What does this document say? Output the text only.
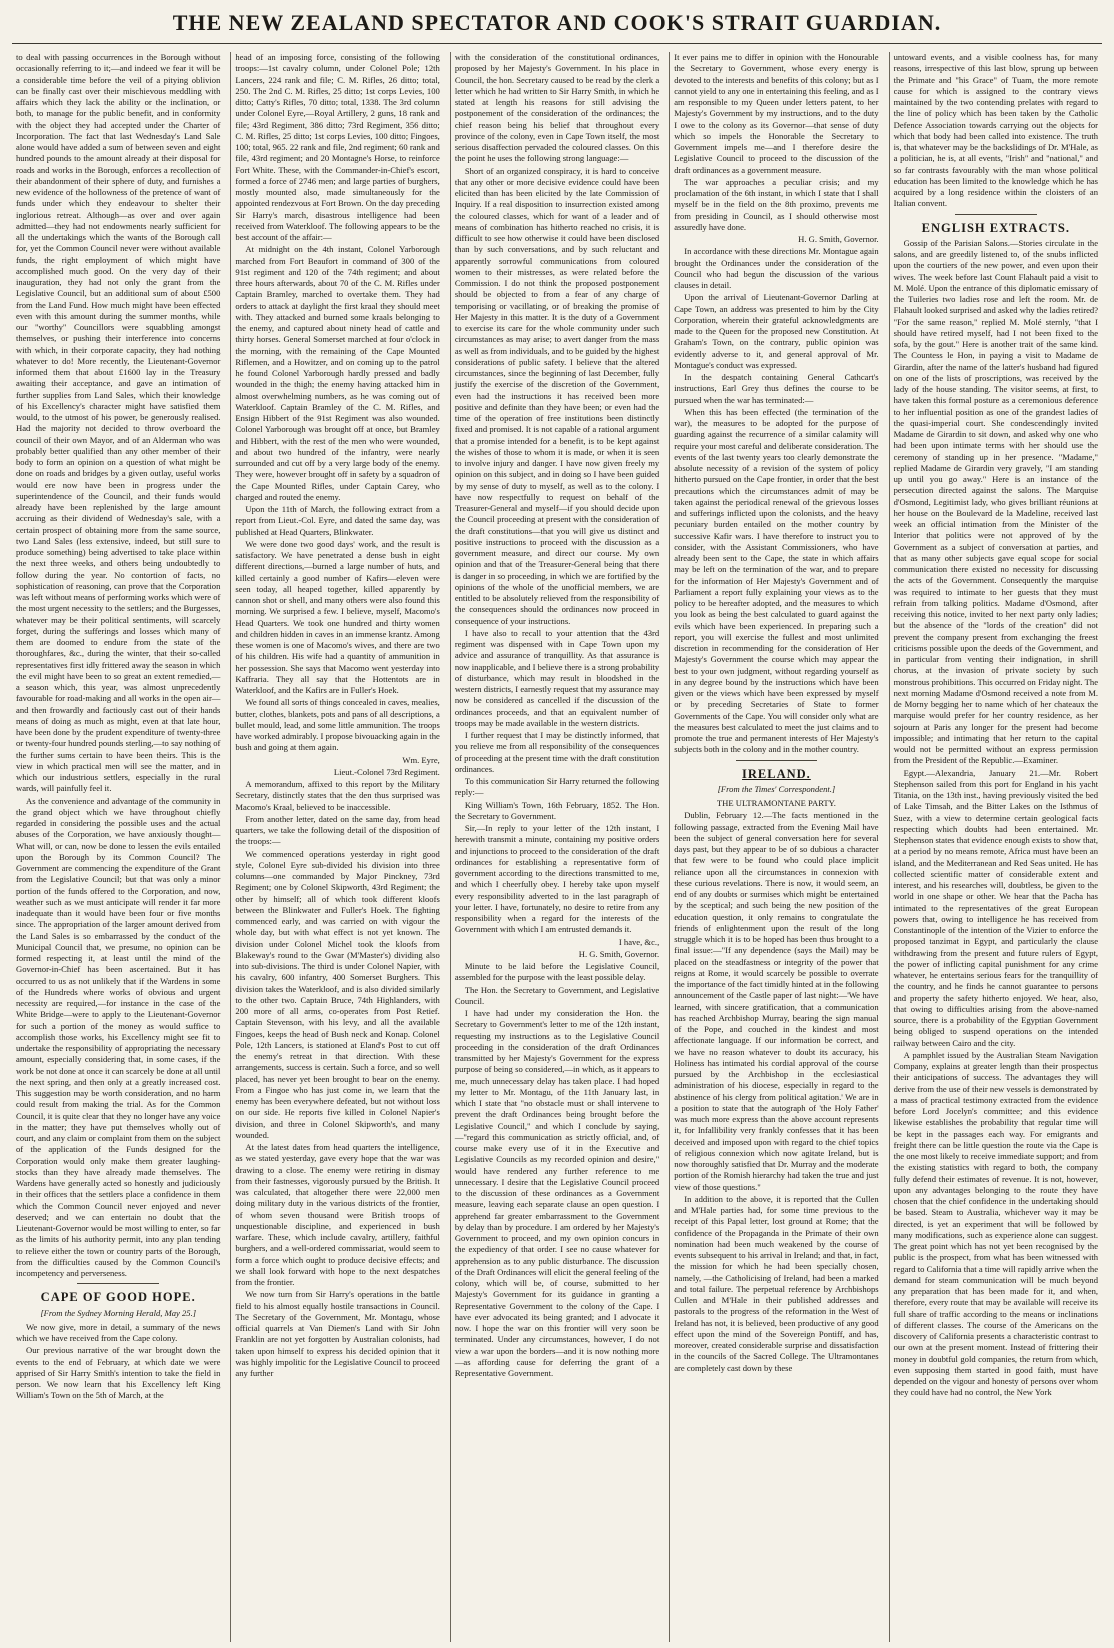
THE NEW ZEALAND SPECTATOR AND COOK'S STRAIT GUARDIAN.

to deal with passing occurrences in the Borough without occasionally referring to it;—and indeed we fear it will be a considerable time before the veil of a pitying oblivion can be finally cast over their mischievous meddling with affairs which they lack the ability or the inclination, or both, to manage for the public benefit, and in conformity with the object they had accepted under the Charter of Incorporation. The fact that last Wednesday's Land Sale alone would have added a sum of between seven and eight hundred pounds to the amount already at their disposal for roads and works in the Borough, enforces a recollection of their abandonment of their sphere of duty, and furnishes a new evidence of the hollowness of the pretence of want of funds under which they endeavour to shelter their inglorious retreat. Although—as over and over again admitted—they had not endowments nearly sufficient for all the undertakings which the wants of the Borough call for, yet the Common Council never were without available funds, the right employment of which might have accomplished much good. On the very day of their inauguration, they had not only the grant from the Legislative Council, but an additional sum of about £500 from the Land Fund. How much might have been effected even with this amount during the summer months, while our "worthy" Councillors were squabbling amongst themselves, or pushing their interference into concerns with which, in their corporate capacity, they had nothing whatever to do! More recently, the Lieutenant-Governor informed them that about £1600 lay in the Treasury awaiting their acceptance, and gave an intimation of further supplies from Land Sales, which their knowledge of his Excellency's character might have satisfied them would, to the utmost of his power, be generously realised. Had the majority not decided to throw overboard the council of their own Mayor, and of an Alderman who was probably better qualified than any other member of their body to form an opinion on a question of what might be done on roads and bridges by a given outlay, useful works would ere now have been in progress under the superintendence of the Council, and their funds would already have been replenished by the large amount accruing as their dividend of Wednesday's sale, with a certain prospect of obtaining more from the same source, two Land Sales (less extensive, indeed, but still sure to produce something) being advertised to take place within the next three weeks, and others being undoubtedly to follow during the year. No contortion of facts, no sophistication of reasoning, can prove that the Corporation was left without means of performing works which were of the most urgent necessity to the settlers; and the Burgesses, whatever may be their political sentiments, will scarcely forget, during the sufferings and losses which many of them are doomed to endure from the state of the thoroughfares, &c., during the winter, that their so-called representatives first idly frittered away the season in which the evil might have been to so great an extent remedied,—a season which, this year, was almost unprecedently favourable for road-making and all works in the open air—and then frowardly and factiously cast out of their hands means of doing as much as might, even at that late hour, have been done by the prudent expenditure of twenty-three or twenty-four hundred pounds sterling,—to say nothing of the further sums certain to have been theirs. This is the view in which practical men will see the matter, and in which our industrious settlers, especially in the rural wards, will painfully feel it.

As the convenience and advantage of the community in the grand object which we have throughout chiefly regarded in considering the possible uses and the actual abuses of the Corporation, we have anxiously thought—What will, or can, now be done to lessen the evils entailed upon the Borough by its Common Council? The Government are commencing the expenditure of the Grant from the Legislative Council; but that was only a minor portion of the funds offered to the Corporation, and now, weather such as we must anticipate will render it far more inadequate than it would have been four or five months since. The appropriation of the larger amount derived from the Land Sales is so embarrassed by the conduct of the Municipal Council that, we presume, no opinion can be formed respecting it, at least until the mind of the Governor-in-Chief has been ascertained. But it has occurred to us as not unlikely that if the Wardens in some of the Hundreds where works of obvious and urgent necessity are required,—for instance in the case of the White Bridge—were to apply to the Lieutenant-Governor for such a portion of the money as would suffice to accomplish those works, his Excellency might see fit to undertake the responsibility of appropriating the necessary amount, especially considering that, in some cases, if the work be not done at once it can scarcely be done at all until the next spring, and then only at a greatly increased cost. This suggestion may be worth consideration, and no harm could result from making the trial. As for the Common Council, it is quite clear that they no longer have any voice in the matter; they have put themselves wholly out of court, and any claim or complaint from them on the subject of the application of the Funds designed for the Corporation would only make them greater laughing-stocks than they have already made themselves. The Wardens have generally acted so honestly and judiciously in their offices that the settlers place a confidence in them which the Common Council never enjoyed and never deserved; and we can entertain no doubt that the Lieutenant-Governor would be most willing to enter, so far as the limits of his authority permit, into any plan tending to relieve either the town or country parts of the Borough, from the difficulties caused by the Common Council's incompetency and perverseness.

CAPE OF GOOD HOPE.

[From the Sydney Morning Herald, May 25.]

We now give, more in detail, a summary of the news which we have received from the Cape colony.

Our previous narrative of the war brought down the events to the end of February, at which date we were apprised of Sir Harry Smith's intention to take the field in person. We now learn that his Excellency left King William's Town on the 5th of March, at the

head of an imposing force, consisting of the following troops:—1st cavalry column, under Colonel Pole; 12th Lancers, 224 rank and file; C. M. Rifles, 26 ditto; total, 250. The 2nd C. M. Rifles, 25 ditto; 1st corps Levies, 100 ditto; Catty's Rifles, 70 ditto; total, 1338. The 3rd column under Colonel Eyre,—Royal Artillery, 2 guns, 18 rank and file; 43rd Regiment, 386 ditto; 73rd Regiment, 356 ditto; C. M. Rifles, 25 ditto; 1st corps Levies, 100 ditto; Fingoes, 100; total, 965. 22 rank and file, 2nd regiment; 60 rank and file, 43rd regiment; and 20 Montagne's Horse, to reinforce Fort White. These, with the Commander-in-Chief's escort, formed a force of 2746 men; and large parties of burghers, mostly mounted also, made simultaneously for the appointed rendezvous at Fort Brown. On the day preceding Sir Harry's march, disastrous intelligence had been received from Waterkloof. The following appears to be the best account of the affair:—

At midnight on the 4th instant, Colonel Yarborough marched from Fort Beaufort in command of 300 of the 91st regiment and 120 of the 74th regiment; and about three hours afterwards, about 70 of the C. M. Rifles under Captain Bramley, marched to overtake them. They had orders to attack at daylight the first kraal they should meet with. They attacked and burned some kraals belonging to the enemy, and captured about ninety head of cattle and thirty horses. General Somerset marched at four o'clock in the morning, with the remaining of the Cape Mounted Riflemen, and a Howitzer, and on coming up to the patrol he found Colonel Yarborough hardly pressed and badly wounded in the thigh; the enemy having attacked him in almost overwhelming numbers, as he was coming out of Waterkloof. Captain Bramley of the C. M. Rifles, and Ensign Hibbert of the 91st Regiment was also wounded. Colonel Yarborough was brought off at once, but Bramley and Hibbert, with the rest of the men who were wounded, and about two hundred of the infantry, were nearly surrounded and cut off by a very large body of the enemy. They were, however brought off in safety by a squadron of the Cape Mounted Rifles, under Captain Carey, who charged and routed the enemy.

Upon the 11th of March, the following extract from a report from Lieut.-Col. Eyre, and dated the same day, was published at Head Quarters, Blinkwater.

We were done two good days' work, and the result is satisfactory. We have penetrated a dense bush in eight different directions,—burned a large number of huts, and killed certainly a good number of Kafirs—eleven were seen today, all heaped together, killed apparently by cannon shot or shell, and many others were also found this morning. We surprised a few. I believe, myself, Macomo's Head Quarters. We took one hundred and thirty women and children hidden in caves in an immense krantz. Among these women is one of Macomo's wives, and there are two of his children. His wife had a quantity of ammunition in her possession. She says that Macomo went yesterday into Kaffraria. They all say that the Hottentots are in Waterkloof, and the Kafirs are in Fuller's Hoek.

We found all sorts of things concealed in caves, mealies, butter, clothes, blankets, pots and pans of all descriptions, a bullet mould, lead, and some little ammunition. The troops have worked admirably. I propose bivouacking again in the bush and going at them again.

Wm. Eyre,

Lieut.-Colonel 73rd Regiment.

A memorandum, affixed to this report by the Military Secretary, distinctly states that the den thus surprised was Macomo's Kraal, believed to be inaccessible.

From another letter, dated on the same day, from head quarters, we take the following detail of the disposition of the troops:—

We commenced operations yesterday in right good style, Colonel Eyre sub-divided his division into three columns—one commanded by Major Pinckney, 73rd Regiment; one by Colonel Skipworth, 43rd Regiment; the other by himself; all of which took different kloofs between the Blinkwater and Fuller's Hoek. The fighting commenced early, and was carried on with vigour the whole day, but with what effect is not yet known. The division under Colonel Michel took the kloofs from Blakeway's round to the Gwar (M'Master's) dividing also into sub-divisions. The third is under Colonel Napier, with his cavalry, 600 infantry, 400 Somerset Burghers. This division takes the Waterkloof, and is also divided similarly to the other two. Captain Bruce, 74th Highlanders, with 200 more of all arms, co-operates from Post Retief. Captain Stevenson, with his levy, and all the available Fingoes, keeps the head of Bush neck and Konap. Colonel Pole, 12th Lancers, is stationed at Eland's Post to cut off the enemy's retreat in that direction. With these arrangements, success is certain. Such a force, and so well placed, has never yet been brought to bear on the enemy. From a Fingoe who has just come in, we learn that the enemy has been everywhere defeated, but not without loss on our side. He reports five killed in Colonel Napier's division, and three in Colonel Skipworth's, and many wounded.

At the latest dates from head quarters the intelligence, as we stated yesterday, gave every hope that the war was drawing to a close. The enemy were retiring in dismay from their fastnesses, vigorously pursued by the British. It was calculated, that altogether there were 22,000 men doing military duty in the various districts of the frontier, of whom seven thousand were British troops of unquestionable discipline, and experienced in bush warfare. These, which include cavalry, artillery, faithful burghers, and a well-ordered commissariat, would seem to form a force which ought to produce decisive effects; and we shall look forward with hope to the next despatches from the frontier.

We now turn from Sir Harry's operations in the battle field to his almost equally hostile transactions in Council. The Secretary of the Government, Mr. Montagu, whose official quarrels at Van Diemen's Land with Sir John Franklin are not yet forgotten by Australian colonists, had taken upon himself to express his decided opinion that it was highly impolitic for the Legislative Council to proceed any further

with the consideration of the constitutional ordinances, proposed by her Majesty's Government. In his place in Council, the hon. Secretary caused to be read by the clerk a letter which he had written to Sir Harry Smith, in which he stated at length his reasons for still advising the postponement of the consideration of the ordinances; the chief reason being his belief that throughout every province of the colony, even in Cape Town itself, the most serious disaffection pervaded the coloured classes. On this the point he uses the following strong language:—

Short of an organized conspiracy, it is hard to conceive that any other or more decisive evidence could have been elicited than has been elicited by the late Commission of Inquiry. If a real disposition to insurrection existed among the coloured classes, which for want of a leader and of means of combination has hitherto reached no crisis, it is difficult to see how otherwise it could have been disclosed than by such conversations, and by such reluctant and apparently sorrowful communications from coloured women to their mistresses, as were related before the Commission. I do not think the proposed postponement should be objected to from a fear of any charge of temporising or vacillating, or of breaking the promise of Her Majesty in this matter. It is the duty of a Government to exercise its care for the whole community under such circumstances as may arise; to avert danger from the mass as well as from individuals, and to be guided by the highest considerations of public safety. I believe that the altered circumstances, since the beginning of last December, fully justify the exercise of the discretion of the Government, even had the instructions it has received been more positive and definite than they have been; or even had the time of the operation of free institutions been distinctly fixed and promised. It is not capable of a rational argument that a promise intended for a benefit, is to be kept against the wishes of those to whom it is made, or when it is seen to involve injury and danger. I have now given freely my opinion on this subject, and in doing so I have been guided by my sense of duty to myself, as well as to the colony. I have now respectfully to request on behalf of the Treasurer-General and myself—if you should decide upon the Council proceeding at present with the consideration of the draft constitutions—that you will give us distinct and positive instructions to proceed with the discussion as a government measure, and direct our course. My own opinion and that of the Treasurer-General being that there is danger in so proceeding, in which we are fortified by the opinions of the whole of the unofficial members, we are entitled to be absolutely relieved from the responsibility of the consequences should the ordinances now proceed in consequence of your instructions.

I have also to recall to your attention that the 43rd regiment was dispensed with in Cape Town upon my advice and assurance of tranquillity. As that assurance is now inapplicable, and I believe there is a strong probability of disturbance, which may result in bloodshed in the western districts, I earnestly request that my assurance may now be considered as cancelled if the discussion of the ordinances proceeds, and that an equivalent number of troops may be made available in the western districts.

I further request that I may be distinctly informed, that you relieve me from all responsibility of the consequences of proceeding at the present time with the draft constitution ordinances.

To this communication Sir Harry returned the following reply:—

King William's Town, 16th February, 1852. The Hon. the Secretary to Government.

Sir,—In reply to your letter of the 12th instant, I herewith transmit a minute, containing my positive orders and injunctions to proceed to the consideration of the draft ordinances for establishing a representative form of government according to the directions transmitted to me, and which I cheerfully obey. I hereby take upon myself every responsibility adverted to in the last paragraph of your letter. I have, fortunately, no desire to retire from any responsibility when a regard for the interests of the Government with which I am entrusted demands it.

I have, &c.,

H. G. Smith, Governor.

Minute to be laid before the Legislative Council, assembled for the purpose with the least possible delay.

The Hon. the Secretary to Government, and Legislative Council.

I have had under my consideration the Hon. the Secretary to Government's letter to me of the 12th instant, requesting my instructions as to the Legislative Council proceeding in the consideration of the draft Ordinances transmitted by her Majesty's Government for the express purpose of being so considered,—in which, as it appears to me, much unnecessary delay has taken place. I had hoped my letter to Mr. Montagu, of the 11th January last, in which I state that "no obstacle must or shall intervene to prevent the draft Ordinances being brought before the Legislative Council," and which I conclude by saying,—"regard this communication as strictly official, and, of course make every use of it in the Executive and Legislative Councils as my recorded opinion and desire," would have rendered any further reference to me unnecessary. I desire that the Legislative Council proceed to the discussion of these ordinances as a Government measure, leaving each separate clause an open question. I apprehend far greater embarrassment to the Government by delay than by procedure. I am ordered by her Majesty's Government to proceed, and my own opinion concurs in the expediency of that order. I see no cause whatever for apprehension as to any public disturbance. The discussion of the Draft Ordinances will elicit the general feeling of the colony, which will be, of course, submitted to her Majesty's Government for its guidance in granting a Representative Government to the colony of the Cape. I have ever advocated its being granted; and I advocate it now. I hope the war on this frontier will very soon be terminated. Under any circumstances, however, I do not view a war upon the borders—and it is now nothing more—as affording cause for deferring the grant of a Representative Government.

It ever pains me to differ in opinion with the Honourable the Secretary to Government, whose every energy is devoted to the interests and benefits of this colony; but as I cannot yield to any one in entertaining this feeling, and as I am responsible to my Queen under letters patent, to her Majesty's Government by my instructions, and to the duty I owe to the colony as its Governor—that sense of duty which so impels the Honorable the Secretary to Government impels me—and I therefore desire the Legislative Council to proceed to the discussion of the draft ordinances as a government measure.

The war approaches a peculiar crisis; and my proclamation of the 6th instant, in which I state that I shall myself be in the field on the 8th proximo, prevents me from presiding in Council, as I should otherwise most assuredly have done.

H. G. Smith, Governor.

In accordance with these directions Mr. Montague again brought the Ordinances under the consideration of the Council who had begun the discussion of the various clauses in detail.

Upon the arrival of Lieutenant-Governor Darling at Cape Town, an address was presented to him by the City Corporation, wherein their grateful acknowledgments are made to the Queen for the proposed new Constitution. At Graham's Town, on the contrary, public opinion was evidently adverse to it, and general approval of Mr. Montague's conduct was expressed.

In the despatch containing General Cathcart's instructions, Earl Grey thus defines the course to be pursued when the war has terminated:—

When this has been effected (the termination of the war), the measures to be adopted for the purpose of guarding against the recurrence of a similar calamity will require your most careful and deliberate consideration. The events of the last twenty years too clearly demonstrate the absolute necessity of a revision of the system of policy hitherto pursued on the Cape frontier, in order that the best precautions which the circumstances admit of may be taken against the periodical renewal of the grievous losses and sufferings inflicted upon the colonists, and the heavy pecuniary burden entailed on the mother country by successive Kafir wars. I have therefore to instruct you to consider, with the Assistant Commissioners, who have already been sent to the Cape, the state in which affairs may be left on the termination of the war, and to prepare for the information of Her Majesty's Government and of Parliament a report fully explaining your views as to the policy to be hereafter adopted, and the measures to which you look as being the best calculated to guard against the evils which have been experienced. In preparing such a report, you will exercise the fullest and most unlimited discretion in recommending for the consideration of Her Majesty's Government the course which may appear the best to your own judgment, without regarding yourself as in any degree bound by the instructions which have been given or the views which have been expressed by myself or by preceding Secretaries of State to former Governments of the Cape. You will consider only what are the measures best calculated to meet the just claims and to promote the true and permanent interests of Her Majesty's subjects both in the colony and in the mother country.

IRELAND.

[From the Times' Correspondent.]

THE ULTRAMONTANE PARTY.

Dublin, February 12.—The facts mentioned in the following passage, extracted from the Evening Mail have been the subject of general conversation here for several days past, but they appear to be of so dubious a character that few were to be found who could place implicit reliance upon all the circumstances in connexion with these curious revelations. There is now, it would seem, an end of any doubts or surmises which might be entertained by the sceptical; and such being the new position of the education question, it only remains to congratulate the friends of enlightenment upon the result of the long struggle which it is to be hoped has been thus brought to a final issue:—"If any dependence (says the Mail) may be placed on the steadfastness or integrity of the power that reigns at Rome, it would scarcely be possible to overrate the importance of the fact timidly hinted at in the following announcement of the Castle paper of last night:—'We have learned, with sincere gratification, that a communication has reached Archbishop Murray, bearing the sign manual of the Pope, and couched in the kindest and most affectionate language. If our information be correct, and we have no reason whatever to doubt its accuracy, his Holiness has intimated his cordial approval of the course pursued by the Archbishop in the ecclesiastical administration of his diocese, especially in regard to the abstinence of his clergy from political agitation.' We are in a position to state that the autograph of 'the Holy Father' was much more express than the above account represents it, for Infallibility very frankly confesses that it has been deceived and imposed upon with regard to the chief topics of religious connexion which now agitate Ireland, but is now thoroughly satisfied that Dr. Murray and the moderate portion of the Romish hierarchy had taken the true and just view of those questions."

In addition to the above, it is reported that the Cullen and M'Hale parties had, for some time previous to the receipt of this Papal letter, lost ground at Rome; that the confidence of the Propaganda in the Primate of their own nomination had been much weakened by the course of events subsequent to his arrival in Ireland; and that, in fact, the mission for which he had been specially chosen, namely, —the Catholicising of Ireland, had been a marked and total failure. The perpetual reference by Archbishops Cullen and M'Hale in their published addresses and pastorals to the progress of the reformation in the West of Ireland has not, it is believed, been productive of any good effect upon the mind of the Sovereign Pontiff, and has, moreover, created considerable surprise and dissatisfaction in the councils of the Sacred College. The Ultramontanes are completely cast down by these

untoward events, and a visible coolness has, for many reasons, irrespective of this last blow, sprung up between the Primate and "his Grace" of Tuam, the more remote cause for which is assigned to the contrary views maintained by the two contending prelates with regard to the line of policy which has been taken by the Catholic Defence Association towards carrying out the objects for which that body had been called into existence. The truth is, that whatever may be the backslidings of Dr. M'Hale, as a politician, he is, at all events, "Irish" and "national," and so far contrasts favourably with the man whose political education has been limited to the knowledge which he has acquired by a long residence within the cloisters of an Italian convent.

ENGLISH EXTRACTS.

Gossip of the Parisian Salons.—Stories circulate in the salons, and are greedily listened to, of the snubs inflicted upon the courtiers of the new power, and even upon their wives. The week before last Count Flahault paid a visit to M. Molé. Upon the entrance of this diplomatic emissary of the Tuileries two ladies rose and left the room. Mr. de Flahault looked surprised and asked why the ladies retired? "For the same reason," replied M. Molé sternly, "that I should have retired myself, had I not been fixed to the sofa, by the gout." Here is another trait of the same kind. The Countess le Hon, in paying a visit to Madame de Girardin, after the name of the latter's husband had figured on one of the lists of proscriptions, was received by the lady of the house standing. The visitor seems, at first, to have taken this formal posture as a ceremonious deference to her influential position as one of the grandest ladies of the quasi-imperial court. She condescendingly invited Madame de Girardin to sit down, and asked why one who had been upon intimate terms with her should use the ceremony of standing up in her presence. "Madame," replied Madame de Girardin very gravely, "I am standing up until you go away." Here is an instance of the persecution directed against the salons. The Marquise d'Osmond, Legitimist lady, who gives brilliant réunions at her house on the Boulevard de la Madeline, received last week an official intimation from the Minister of the Interior that politics were not approved of by the Government as a subject of conversation at parties, and that as many other subjects gave equal scope for social communication there existed no necessity for discussing the acts of the Government. Consequently the marquise was required to intimate to her guests that they must refrain from talking politics. Madame d'Osmond, after receiving this notice, invited to her next party only ladies; but the absence of the "lords of the creation" did not prevent the company present from exchanging the freest criticisms possible upon the deeds of the Government, and in particular from venting their indignation, in shrill chorus, at the invasion of private society by such monstrous prohibitions. This occurred on Friday night. The next morning Madame d'Osmond received a note from M. de Morny begging her to name which of her chateaux the marquise would prefer for her country residence, as her sojourn at Paris any longer for the present had become impossible; and intimating that her return to the capital would not be permitted without an express permission from the President of the Republic.—Examiner.

Egypt.—Alexandria, January 21.—Mr. Robert Stephenson sailed from this port for England in his yacht Titania, on the 13th inst., having previously visited the bed of Lake Timsah, and the Bitter Lakes on the Isthmus of Suez, with a view to determine certain geological facts respecting which doubts had been entertained. Mr. Stephenson states that evidence enough exists to show that, at a period by no means remote, Africa must have been an island, and the Mediterranean and Red Seas united. He has collected scientific matter of considerable extent and interest, and his researches will, doubtless, be given to the world in one shape or other. We hear that the Pacha has intimated to the representatives of the great European powers that, owing to intelligence he has received from Constantinople of the intention of the Vizier to enforce the proposed tanzimat in Egypt, and particularly the clause withdrawing from the present and future rulers of Egypt, the power of inflicting capital punishment for any crime whatever, he entertains serious fears for the tranquillity of the country, and he finds he cannot guarantee to persons and property the safety hitherto enjoyed. We hear, also, that owing to difficulties arising from the above-named source, there is a probability of the Egyptian Government being obliged to suspend operations on the intended railway between Cairo and the city.

A pamphlet issued by the Australian Steam Navigation Company, explains at greater length than their prospectus their anticipations of success. The advantages they will derive from the use of their new vessels is demonstrated by a mass of practical testimony extracted from the evidence before Lord Jocelyn's committee; and this evidence likewise establishes the probability that regular time will be kept in the passages each way. For emigrants and freight there can be little question the route via the Cape is the one most likely to receive immediate support; and from the existing statistics with regard to both, the company fully defend their estimates of revenue. It is not, however, upon any advantages belonging to the route they have chosen that the chief confidence in the undertaking should be based. Steam to Australia, whichever way it may be directed, is yet an experiment that will be followed by many modifications, such as experience alone can suggest. The great point which has not yet been recognised by the public is the prospect, from what has been witnessed with regard to California that a time will rapidly arrive when the demand for steam communication will be much beyond any preparation that has been made for it, and when, therefore, every route that may be available will receive its full share of traffic according to the means or inclinations of different classes. The course of the Americans on the discovery of California presents a characteristic contrast to our own at the present moment. Instead of frittering their money in doubtful gold companies, the return from which, even supposing them started in good faith, must have depended on the vigour and honesty of persons over whom they could have had no control, the New York
